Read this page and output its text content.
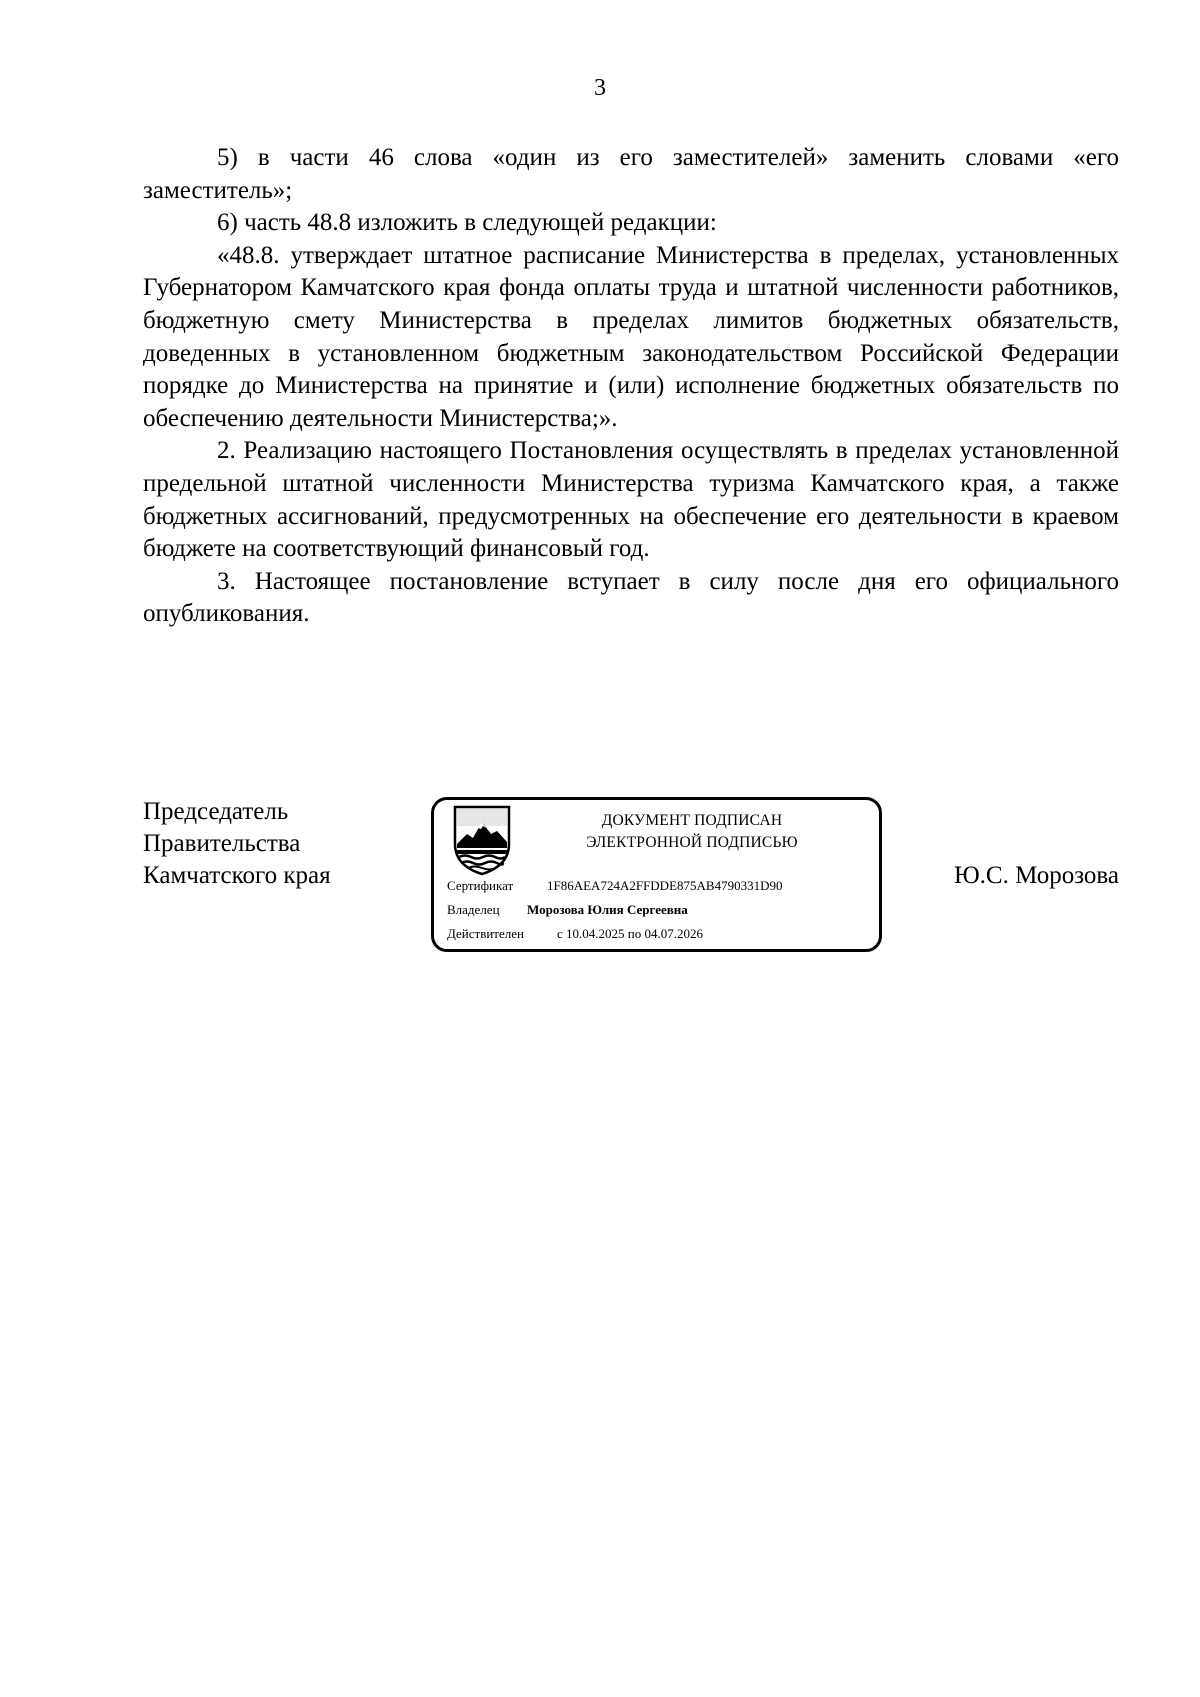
3

5) в части 46 слова «один из его заместителей» заменить словами «его заместитель»;

6) часть 48.8 изложить в следующей редакции:

«48.8. утверждает штатное расписание Министерства в пределах, установленных Губернатором Камчатского края фонда оплаты труда и штатной численности работников, бюджетную смету Министерства в пределах лимитов бюджетных обязательств, доведенных в установленном бюджетным законодательством Российской Федерации порядке до Министерства на принятие и (или) исполнение бюджетных обязательств по обеспечению деятельности Министерства;».

2. Реализацию настоящего Постановления осуществлять в пределах установленной предельной штатной численности Министерства туризма Камчатского края, а также бюджетных ассигнований, предусмотренных на обеспечение его деятельности в краевом бюджете на соответствующий финансовый год.

3. Настоящее постановление вступает в силу после дня его официального опубликования.

Председатель
Правительства
Камчатского края
ДОКУМЕНТ ПОДПИСАН
ЭЛЕКТРОННОЙ ПОДПИСЬЮ
Сертификат	1F86AEA724A2FFDDE875AB4790331D90
Владелец Морозова Юлия Сергеевна
Действителен	с 10.04.2025 по 04.07.2026
Ю.С. Морозова
